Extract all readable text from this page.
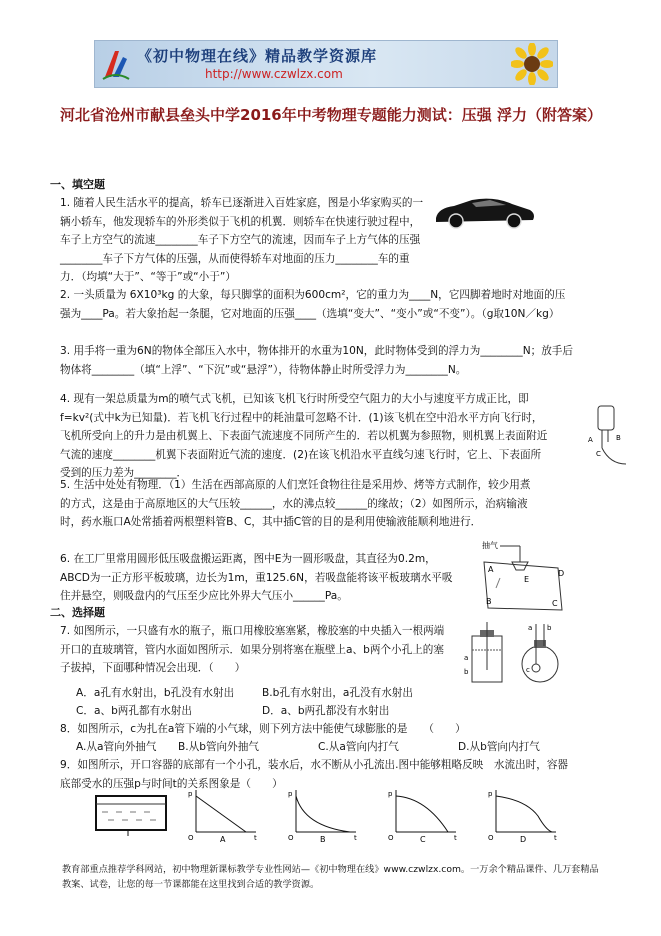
《初中物理在线》精品教学资源库
http://www.czwlzx.com
河北省沧州市献县垒头中学2016年中考物理专题能力测试：压强 浮力（附答案）
一、填空题
1. 随着人民生活水平的提高，轿车已逐渐进入百姓家庭，图是小华家购买的一辆小轿车，他发现轿车的外形类似于飞机的机翼．则轿车在快速行驶过程中，车子上方空气的流速________车子下方空气的流速，因而车子上方气体的压强________车子下方气体的压强，从而使得轿车对地面的压力________车的重力．（均填“大于”、“等于”或“小于”）
2. 一头质量为 6X10³kg 的大象，每只脚掌的面积为600cm²，它的重力为____N，它四脚着地时对地面的压强为____Pa。若大象抬起一条腿，它对地面的压强____（选填“变大”、“变小”或“不变”）。（g取10N／kg）
3. 用手将一重为6N的物体全部压入水中，物体排开的水重为10N，此时物体受到的浮力为________N；放手后物体将________（填“上浮”、“下沉”或“悬浮”），待物体静止时所受浮力为________N。
4. 现有一架总质量为m的喷气式飞机，已知该飞机飞行时所受空气阻力的大小与速度平方成正比，即f=kv²(式中k为已知量)．若飞机飞行过程中的耗油量可忽略不计．(1)该飞机在空中沿水平方向飞行时，飞机所受向上的升力是由机翼上、下表面气流速度不同所产生的．若以机翼为参照物，则机翼上表面附近气流的速度________机翼下表面附近气流的速度．(2)在该飞机沿水平直线匀速飞行时，它上、下表面所受到的压力差为________．
A	B
C
5. 生活中处处有物理．（1）生活在西部高原的人们烹饪食物往往是采用炒、烤等方式制作，较少用煮的方式，这是由于高原地区的大气压较______，水的沸点较______的缘故；（2）如图所示，治病输液时，药水瓶口A处常插着两根塑料管B、C，其中插C管的目的是利用使输液能顺利地进行．
6. 在工厂里常用圆形低压吸盘搬运距离，图中E为一圆形吸盘，其直径为0.2m，ABCD为一正方形平板玻璃，边长为1m，重125.6N，若吸盘能将该平板玻璃水平吸住并悬空，则吸盘内的气压至少应比外界大气压小______Pa。
抽气
A	D
B	C
E
二、选择题
7. 如图所示，一只盛有水的瓶子，瓶口用橡胶塞塞紧，橡胶塞的中央插入一根两端开口的直玻璃管，管内水面如图所示．如果分别将塞在瓶壁上a、b两个小孔上的塞子拔掉，下面哪种情况会出现．（　　）
a
b
a b
c
A．a孔有水射出，b孔没有水射出	B.b孔有水射出，a孔没有水射出
C．a、b两孔都有水射出	D．a、b两孔都没有水射出
8．如图所示，c为扎在a管下端的小气球，则下列方法中能使气球膨胀的是　　（　　）
A.从a管向外抽气 B.从b管向外抽气	C.从a管向内打气	D.从b管向内打气
9．如图所示，开口容器的底部有一个小孔，装水后，水不断从小孔流出.图中能够粗略反映　水流出时，容器底部受水的压强p与时间t的关系图象是（　　）
p
t
O	A
p
t
O	B
p
t
O	C
p
t
O	D
教育部重点推荐学科网站，初中物理新课标教学专业性网站—《初中物理在线》www.czwlzx.com。一万余个精品课件、几万套精品教案、试卷，让您的每一节课都能在这里找到合适的教学资源。
